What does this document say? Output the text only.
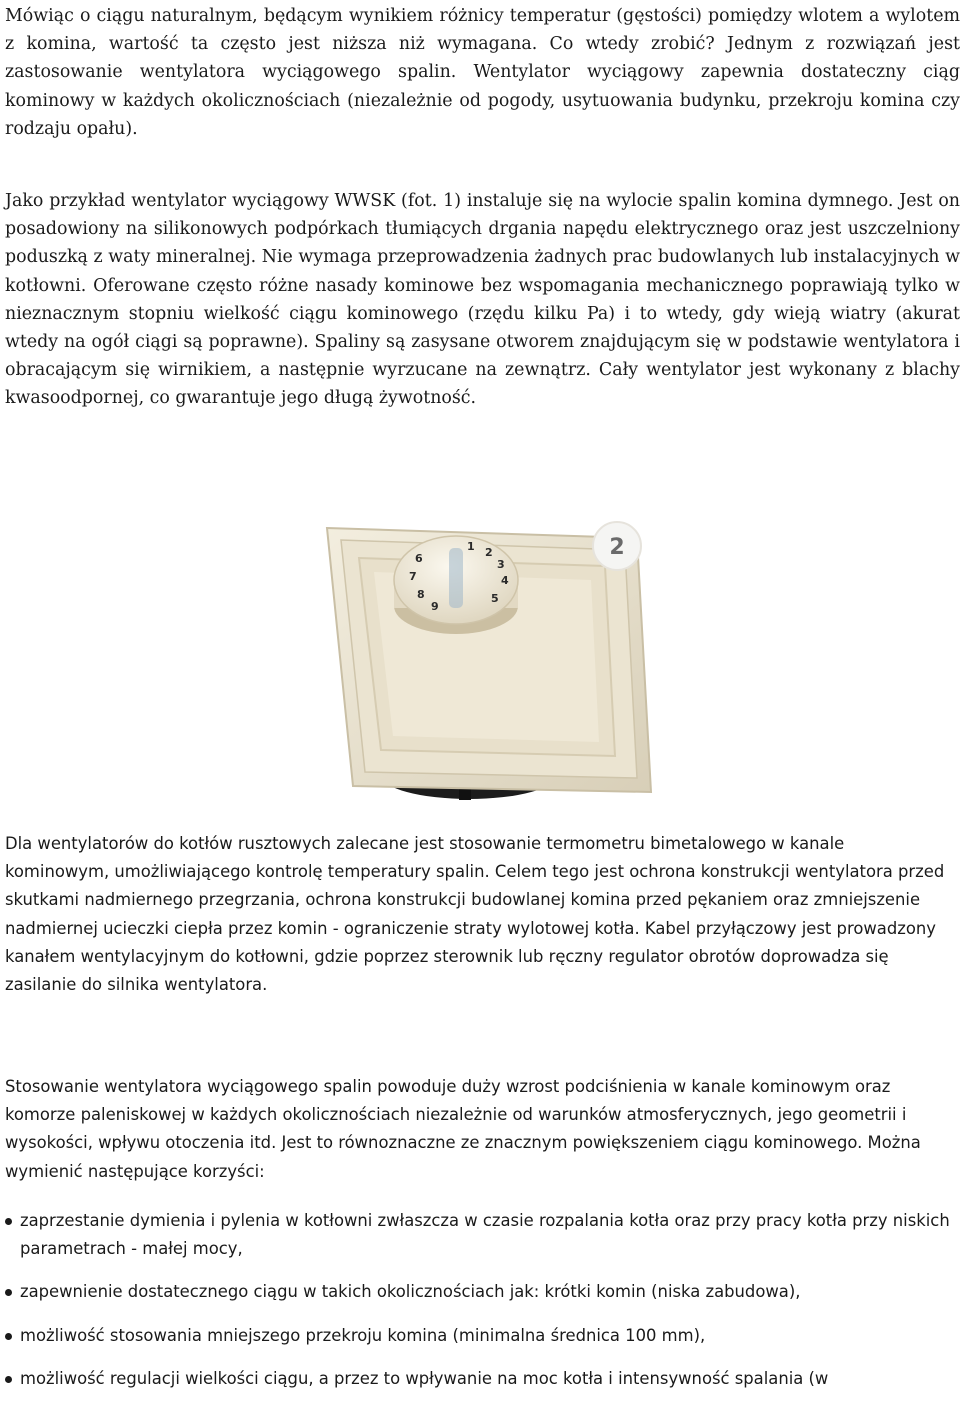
Mówiąc o ciągu naturalnym, będącym wynikiem różnicy temperatur (gęstości) pomiędzy wlotem a wylotem z komina, wartość ta często jest niższa niż wymagana. Co wtedy zrobić? Jednym z rozwiązań jest zastosowanie wentylatora wyciągowego spalin. Wentylator wyciągowy zapewnia dostateczny ciąg kominowy w każdych okolicznościach (niezależnie od pogody, usytuowania budynku, przekroju komina czy rodzaju opału).

Jako przykład wentylator wyciągowy WWSK (fot. 1) instaluje się na wylocie spalin komina dymnego. Jest on posadowiony na silikonowych podpórkach tłumiących drgania napędu elektrycznego oraz jest uszczelniony poduszką z waty mineralnej. Nie wymaga przeprowadzenia żadnych prac budowlanych lub instalacyjnych w kotłowni. Oferowane często różne nasady kominowe bez wspomagania mechanicznego poprawiają tylko w nieznacznym stopniu wielkość ciągu kominowego (rzędu kilku Pa) i to wtedy, gdy wieją wiatry (akurat wtedy na ogół ciągi są poprawne). Spaliny są zasysane otworem znajdującym się w podstawie wentylatora i obracającym się wirnikiem, a następnie wyrzucane na zewnątrz. Cały wentylator jest wykonany z blachy kwasoodpornej, co gwarantuje jego długą żywotność.

2
1 2
3
4
5
6
7
8
9

Dla wentylatorów do kotłów rusztowych zalecane jest stosowanie termometru bimetalowego w kanale kominowym, umożliwiającego kontrolę temperatury spalin. Celem tego jest ochrona konstrukcji wentylatora przed skutkami nadmiernego przegrzania, ochrona konstrukcji budowlanej komina przed pękaniem oraz zmniejszenie nadmiernej ucieczki ciepła przez komin - ograniczenie straty wylotowej kotła. Kabel przyłączowy jest prowadzony kanałem wentylacyjnym do kotłowni, gdzie poprzez sterownik lub ręczny regulator obrotów doprowadza się zasilanie do silnika wentylatora.

Stosowanie wentylatora wyciągowego spalin powoduje duży wzrost podciśnienia w kanale kominowym oraz komorze paleniskowej w każdych okolicznościach niezależnie od warunków atmosferycznych, jego geometrii i wysokości, wpływu otoczenia itd. Jest to równoznaczne ze znacznym powiększeniem ciągu kominowego. Można wymienić następujące korzyści:

zaprzestanie dymienia i pylenia w kotłowni zwłaszcza w czasie rozpalania kotła oraz przy pracy kotła przy niskich parametrach - małej mocy,
zapewnienie dostatecznego ciągu w takich okolicznościach jak: krótki komin (niska zabudowa),
możliwość stosowania mniejszego przekroju komina (minimalna średnica 100 mm),
możliwość regulacji wielkości ciągu, a przez to wpływanie na moc kotła i intensywność spalania (w
